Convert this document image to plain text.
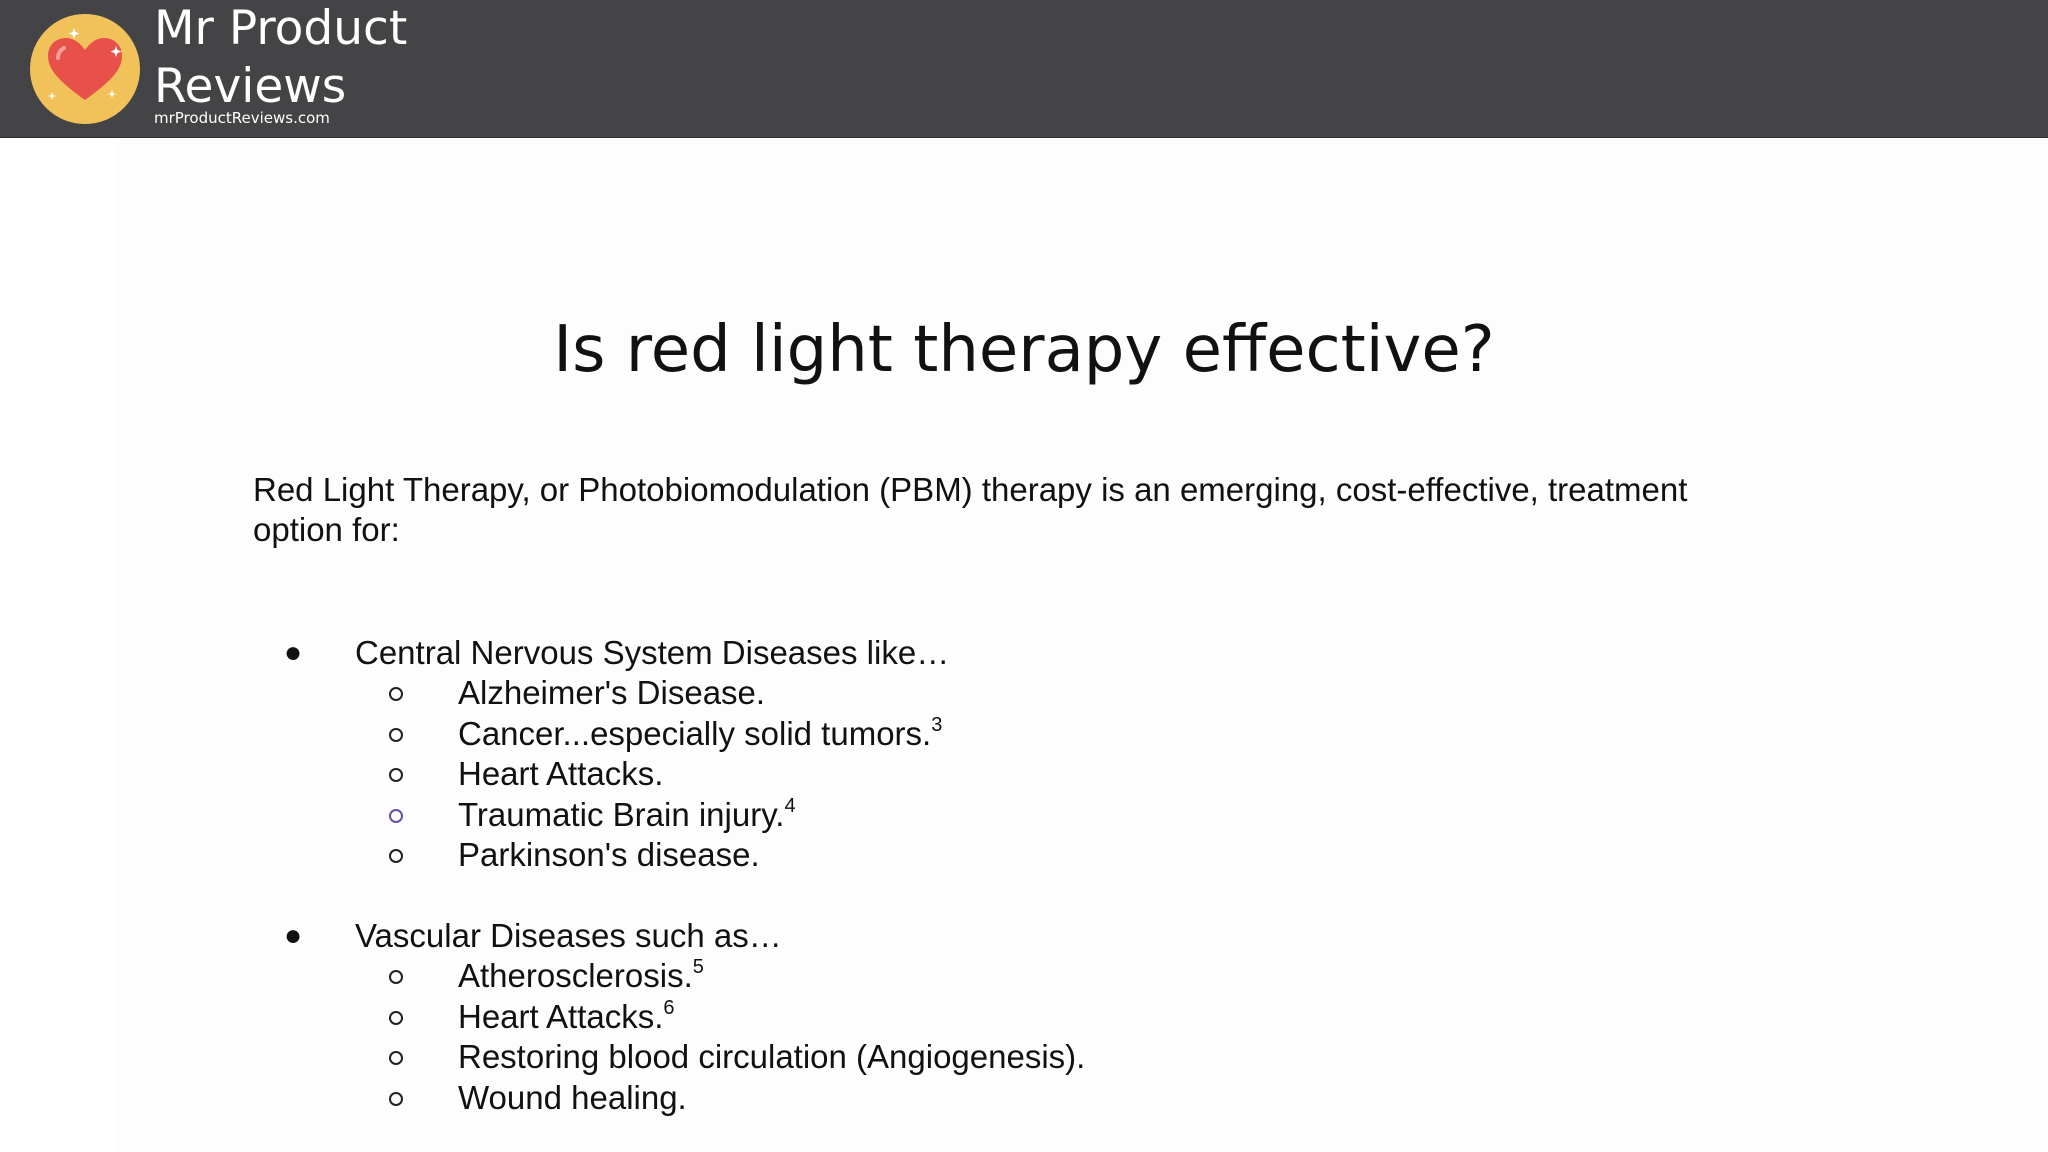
Mr Product
Reviews
mrProductReviews.com
Is red light therapy effective?
Red Light Therapy, or Photobiomodulation (PBM) therapy is an emerging, cost-effective, treatment option for:
● Central Nervous System Diseases like…
Alzheimer's Disease.
Cancer...especially solid tumors.$^3$
Heart Attacks.
Traumatic Brain injury.$^4$
Parkinson's disease.
● Vascular Diseases such as…
Atherosclerosis.$^5$
Heart Attacks.$^6$
Restoring blood circulation (Angiogenesis).
Wound healing.
